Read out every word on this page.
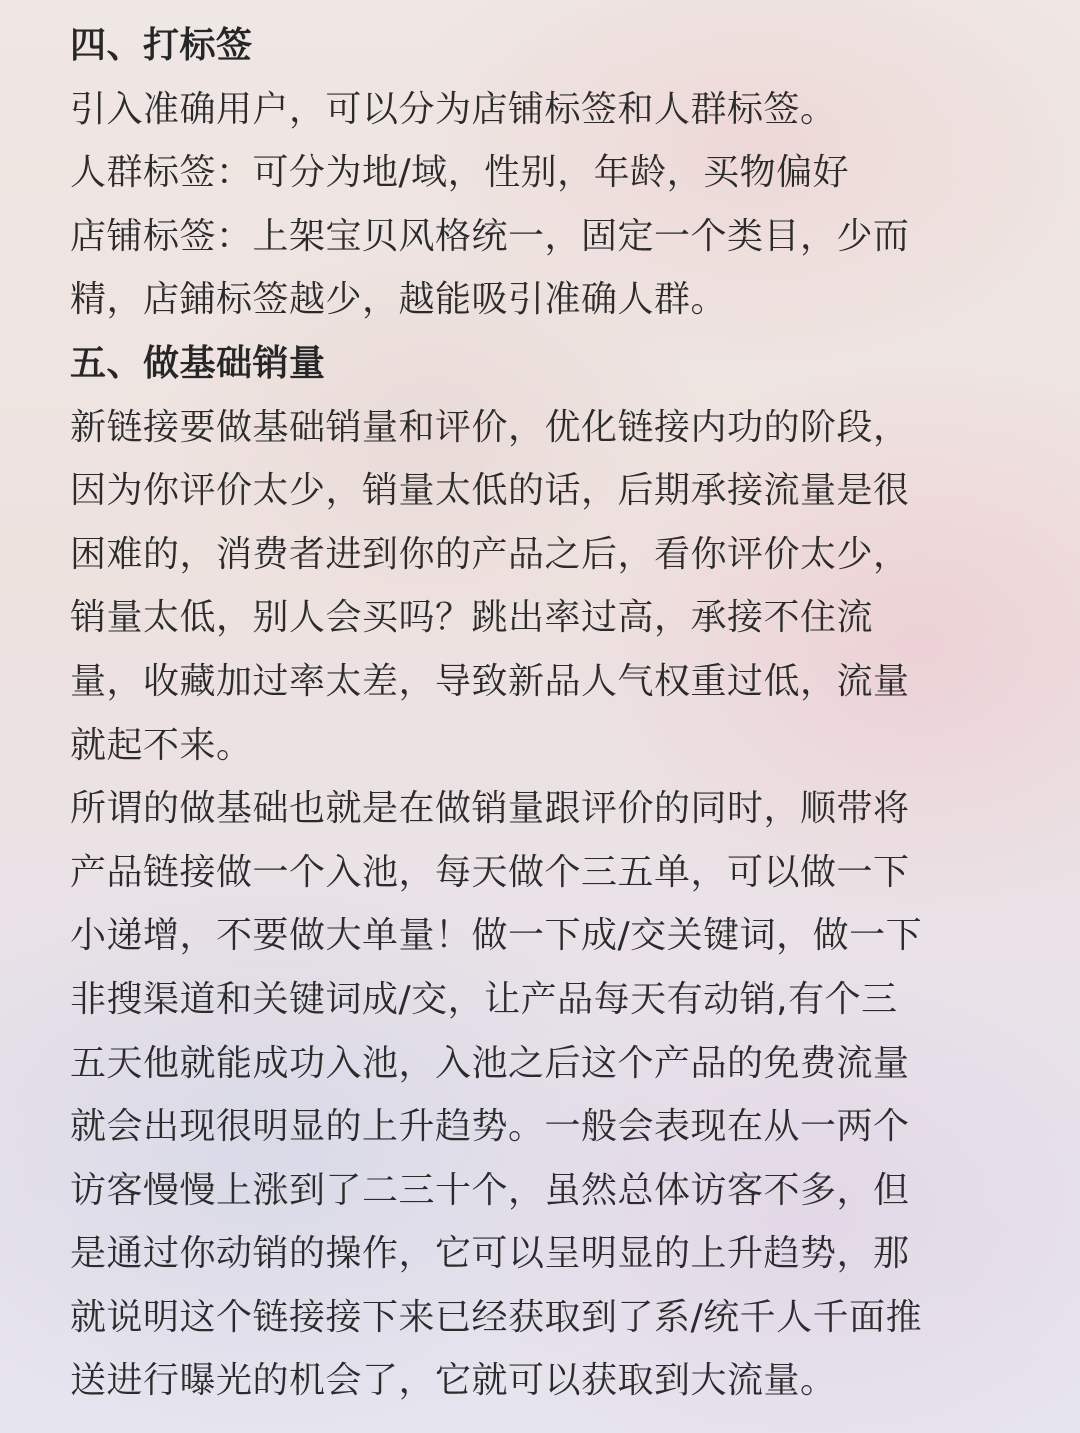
四、打标签
引入准确用户，可以分为店铺标签和人群标签。
人群标签：可分为地/域，性别，年龄，买物偏好
店铺标签：上架宝贝风格统一，固定一个类目，少而
精，店鋪标签越少，越能吸引准确人群。
五、做基础销量
新链接要做基础销量和评价，优化链接内功的阶段，
因为你评价太少，销量太低的话，后期承接流量是很
困难的，消费者进到你的产品之后，看你评价太少，
销量太低，别人会买吗？跳出率过高，承接不住流
量，收藏加过率太差，导致新品人气权重过低，流量
就起不来。
所谓的做基础也就是在做销量跟评价的同时，顺带将
产品链接做一个入池，每天做个三五单，可以做一下
小递增，不要做大单量！做一下成/交关键词，做一下
非搜渠道和关键词成/交，让产品每天有动销,有个三
五天他就能成功入池，入池之后这个产品的免费流量
就会出现很明显的上升趋势。一般会表现在从一两个
访客慢慢上涨到了二三十个，虽然总体访客不多，但
是通过你动销的操作，它可以呈明显的上升趋势，那
就说明这个链接接下来已经获取到了系/统千人千面推
送进行曝光的机会了，它就可以获取到大流量。
